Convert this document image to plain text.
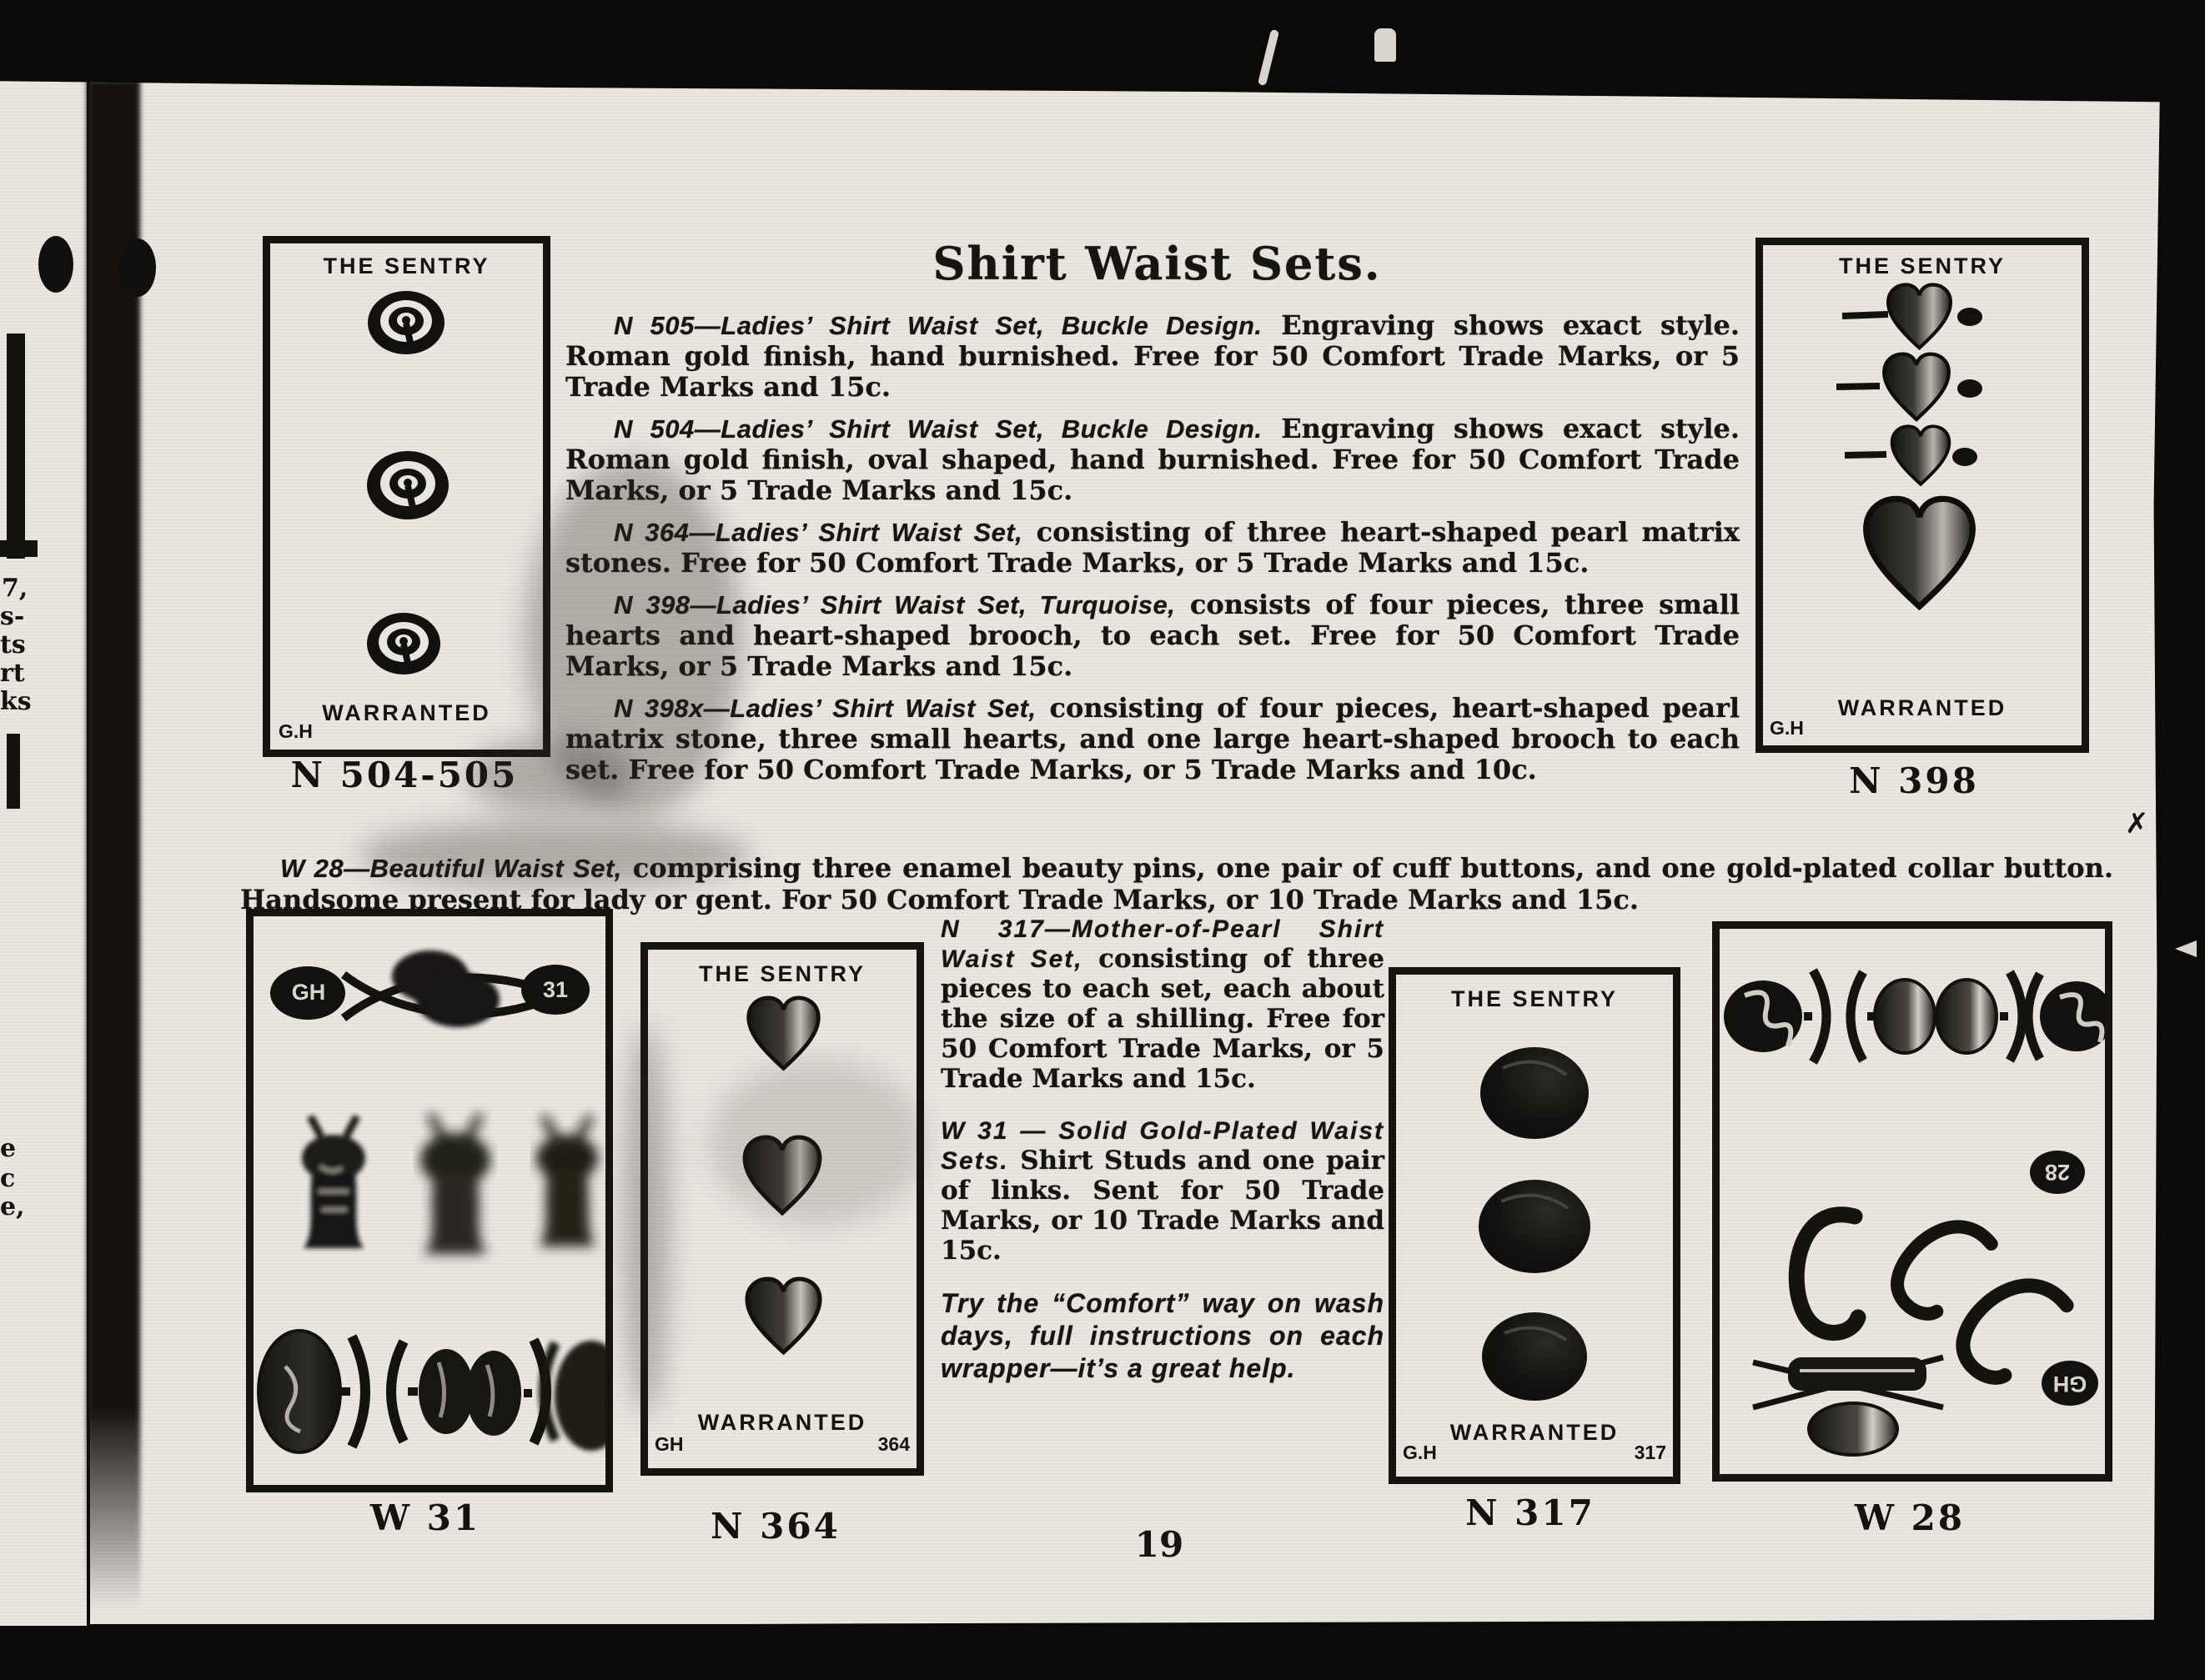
7,
s-
ts
rt
ks
e
c
e,
Shirt Waist Sets.

N 505—Ladies’ Shirt Waist Set, Buckle Design. Engraving shows exact style. Roman gold finish, hand burnished. Free for 50 Comfort Trade Marks, or 5 Trade Marks and 15c.

N 504—Ladies’ Shirt Waist Set, Buckle Design. Engraving shows exact style. Roman gold finish, oval shaped, hand burnished. Free for 50 Comfort Trade Marks, or 5 Trade Marks and 15c.

N 364—Ladies’ Shirt Waist Set, consisting of three heart-shaped pearl matrix stones. Free for 50 Comfort Trade Marks, or 5 Trade Marks and 15c.

N 398—Ladies’ Shirt Waist Set, Turquoise, consists of four pieces, three small hearts and heart-shaped brooch, to each set. Free for 50 Comfort Trade Marks, or 5 Trade Marks and 15c.

N 398x—Ladies’ Shirt Waist Set, consisting of four pieces, heart-shaped pearl matrix stone, three small hearts, and one large heart-shaped brooch to each set. Free for 50 Comfort Trade Marks, or 5 Trade Marks and 10c.

W 28—Beautiful Waist Set, comprising three enamel beauty pins, one pair of cuff buttons, and one gold-plated collar button. Handsome present for lady or gent. For 50 Comfort Trade Marks, or 10 Trade Marks and 15c.

N 317—Mother-of-Pearl Shirt Waist Set, consisting of three pieces to each set, each about the size of a shilling. Free for 50 Comfort Trade Marks, or 5 Trade Marks and 15c.

W 31 — Solid Gold-Plated Waist Sets. Shirt Studs and one pair of links. Sent for 50 Trade Marks, or 10 Trade Marks and 15c.

Try the “Comfort” way on wash days, full instructions on each wrapper—it’s a great help.

19
THE SENTRY
WARRANTED
G.H
N 504-505
THE SENTRY
WARRANTED
G.H
N 398
GH	31
W 31
THE SENTRY
WARRANTED
GH	364
N 364
THE SENTRY
WARRANTED
G.H	317
N 317
28
GH
W 28
✗
